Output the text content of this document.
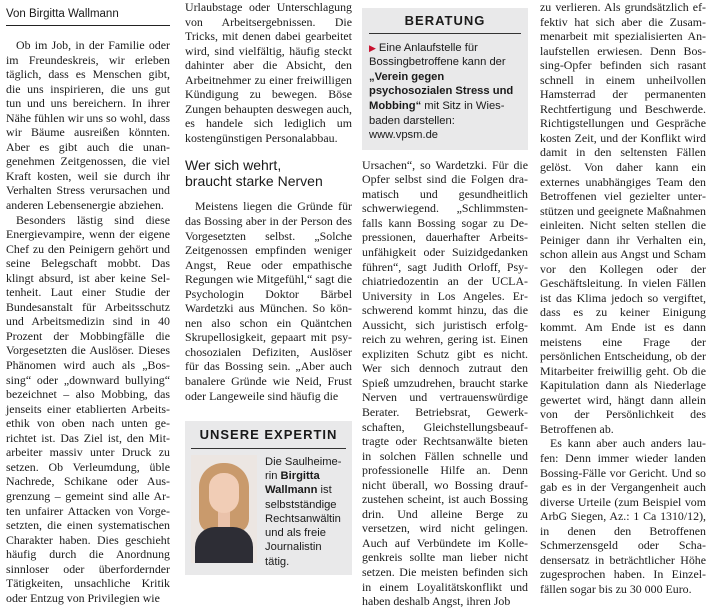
Von Birgitta Wallmann

Ob im Job, in der Familie oder im Freundeskreis, wir erleben täglich, dass es Menschen gibt, die uns inspirieren, die uns gut tun und uns bereichern. In ihrer Nähe fühlen wir uns so wohl, dass wir Bäume ausreißen könnten. Aber es gibt auch die unangenehmen Zeitgenossen, die viel Kraft kosten, weil sie durch ihr Verhalten Stress verursachen und anderen Lebensenergie abziehen.

Besonders lästig sind diese Energievampire, wenn der eigene Chef zu den Peinigern gehört und seine Belegschaft mobbt. Das klingt absurd, ist aber keine Seltenheit. Laut einer Studie der Bundesanstalt für Arbeitsschutz und Arbeitsmedizin sind in 40 Prozent der Mobbingfälle die Vorgesetzten die Auslöser. Dieses Phänomen wird auch als „Bossing“ oder „downward bullying“ bezeichnet – also Mobbing, das jenseits einer etablierten Arbeitsethik von oben nach unten gerichtet ist. Das Ziel ist, den Mitarbeiter massiv unter Druck zu setzen. Ob Verleumdung, üble Nachrede, Schikane oder Ausgrenzung – gemeint sind alle Arten unfairer Attacken von Vorgesetzten, die einen systematischen Charakter haben. Dies geschieht häufig durch die Anordnung sinnloser oder überfordernder Tätigkeiten, unsachliche Kritik oder Entzug von Privilegien wie

Urlaubstage oder Unterschlagung von Arbeitsergebnissen. Die Tricks, mit denen dabei gearbeitet wird, sind vielfältig, häufig steckt dahinter aber die Absicht, den Arbeitnehmer zu einer freiwilligen Kündigung zu bewegen. Böse Zungen behaupten deswegen auch, es handele sich lediglich um kostengünstigen Personalabbau.

Wer sich wehrt,
braucht starke Nerven

Meistens liegen die Gründe für das Bossing aber in der Person des Vorgesetzten selbst. „Solche Zeitgenossen empfinden weniger Angst, Reue oder empathische Regungen wie Mitgefühl,“ sagt die Psychologin Doktor Bärbel Wardetzki aus München. So können also schon ein Quäntchen Skrupellosigkeit, gepaart mit psychosozialen Defiziten, Auslöser für das Bossing sein. „Aber auch banalere Gründe wie Neid, Frust oder Langeweile sind häufig die

UNSERE EXPERTIN
Die Saulheimerin Birgitta Wallmann ist selbstständige Rechtsanwältin und als freie Journalistin tätig.
BERATUNG
▶ Eine Anlaufstelle für Bossingbetroffene kann der „Verein gegen psychosozialen Stress und Mobbing“ mit Sitz in Wiesbaden darstellen: www.vpsm.de

Ursachen“, so Wardetzki. Für die Opfer selbst sind die Folgen dramatisch und gesundheitlich schwerwiegend. „Schlimmstenfalls kann Bossing sogar zu Depressionen, dauerhafter Arbeitsunfähigkeit oder Suizidgedanken führen“, sagt Judith Orloff, Psychiatriedozentin an der UCLA-University in Los Angeles. Erschwerend kommt hinzu, das die Aussicht, sich juristisch erfolgreich zu wehren, gering ist. Einen expliziten Schutz gibt es nicht. Wer sich dennoch zutraut den Spieß umzudrehen, braucht starke Nerven und vertrauenswürdige Berater. Betriebsrat, Gewerkschaften, Gleichstellungsbeauftragte oder Rechtsanwälte bieten in solchen Fällen schnelle und professionelle Hilfe an. Denn nicht überall, wo Bossing draufzustehen scheint, ist auch Bossing drin. Und alleine Berge zu versetzen, wird nicht gelingen. Auch auf Verbündete im Kollegenkreis sollte man lieber nicht setzen. Die meisten befinden sich in einem Loyalitätskonflikt und haben deshalb Angst, ihren Job

zu verlieren. Als grundsätzlich effektiv hat sich aber die Zusammenarbeit mit spezialisierten Anlaufstellen erwiesen. Denn Bossing-Opfer befinden sich rasant schnell in einem unheilvollen Hamsterrad der permanenten Rechtfertigung und Beschwerde. Richtigstellungen und Gespräche kosten Zeit, und der Konflikt wird damit in den seltensten Fällen gelöst. Von daher kann ein externes unabhängiges Team den Betroffenen viel gezielter unterstützen und geeignete Maßnahmen einleiten. Nicht selten stellen die Peiniger dann ihr Verhalten ein, schon allein aus Angst und Scham vor den Kollegen oder der Geschäftsleitung. In vielen Fällen ist das Klima jedoch so vergiftet, dass es zu keiner Einigung kommt. Am Ende ist es dann meistens eine Frage der persönlichen Entscheidung, ob der Mitarbeiter freiwillig geht. Ob die Kapitulation dann als Niederlage gewertet wird, hängt dann allein von der Persönlichkeit des Betroffenen ab.

Es kann aber auch anders laufen: Denn immer wieder landen Bossing-Fälle vor Gericht. Und so gab es in der Vergangenheit auch diverse Urteile (zum Beispiel vom ArbG Siegen, Az.: 1 Ca 1310/12), in denen den Betroffenen Schmerzensgeld oder Schadensersatz in beträchtlicher Höhe zugesprochen haben. In Einzelfällen sogar bis zu 30 000 Euro.
